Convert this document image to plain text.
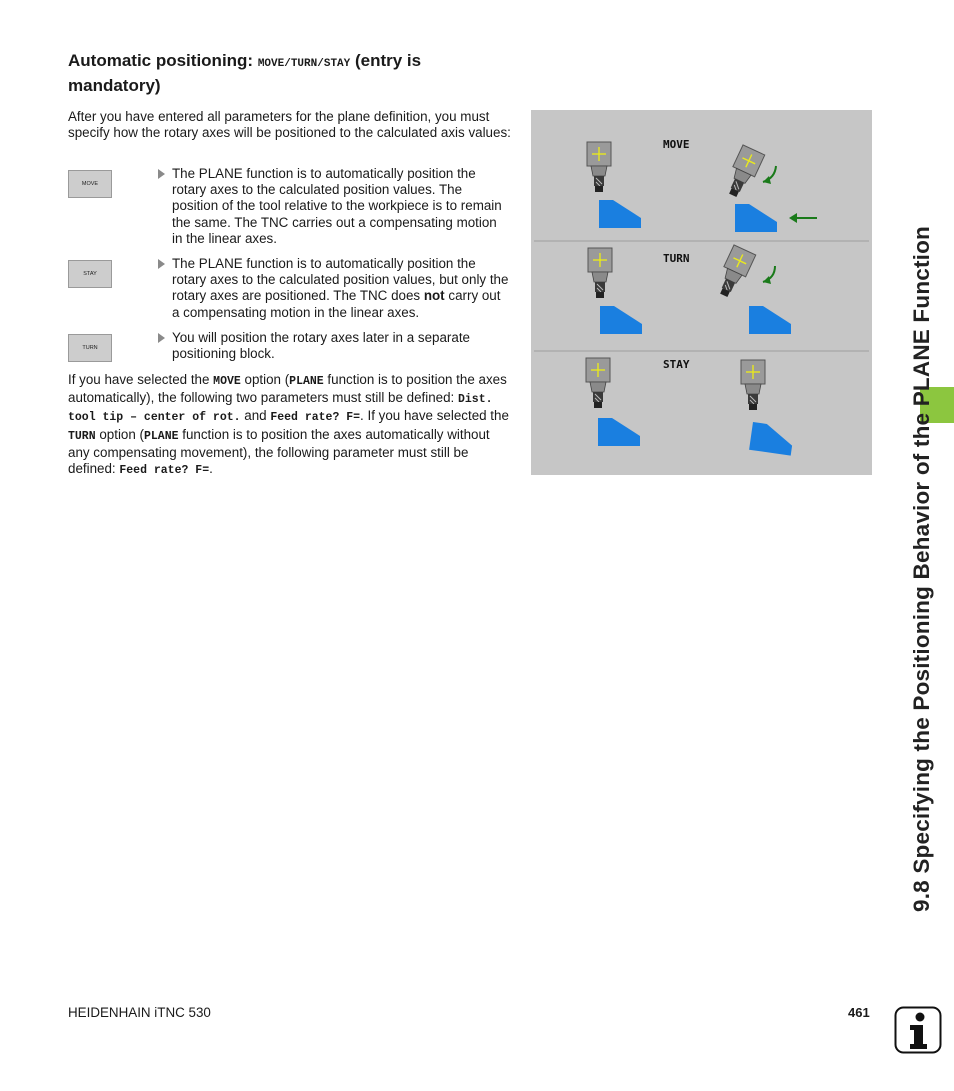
Automatic positioning: MOVE/TURN/STAY (entry is mandatory)
After you have entered all parameters for the plane definition, you must specify how the rotary axes will be positioned to the calculated axis values:
MOVE
STAY
TURN
The PLANE function is to automatically position the rotary axes to the calculated position values. The position of the tool relative to the workpiece is to remain the same. The TNC carries out a compensating motion in the linear axes.
The PLANE function is to automatically position the rotary axes to the calculated position values, but only the rotary axes are positioned. The TNC does not carry out a compensating motion in the linear axes.
You will position the rotary axes later in a separate positioning block.
If you have selected the MOVE option (PLANE function is to position the axes automatically), the following two parameters must still be defined: Dist. tool tip – center of rot. and Feed rate? F=. If you have selected the TURN option (PLANE function is to position the axes automatically without any compensating movement), the following parameter must still be defined: Feed rate? F=.
MOVE
TURN
STAY	9.8 Specifying the Positioning Behavior of the PLANE Function
HEIDENHAIN iTNC 530	461
